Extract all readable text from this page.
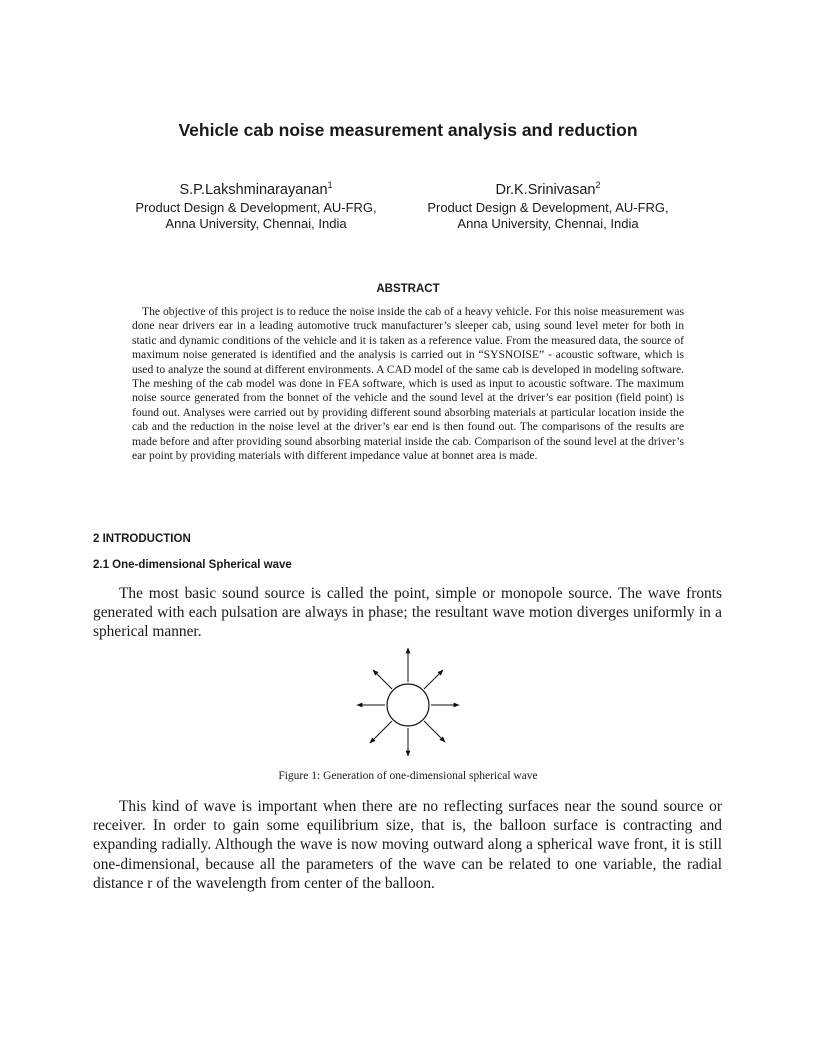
Vehicle cab noise measurement analysis and reduction
S.P.Lakshminarayanan$^1$
Product Design & Development, AU-FRG,
Anna University, Chennai, India
Dr.K.Srinivasan$^2$
Product Design & Development, AU-FRG,
Anna University, Chennai, India
ABSTRACT
The objective of this project is to reduce the noise inside the cab of a heavy vehicle. For this noise measurement was done near drivers ear in a leading automotive truck manufacturer’s sleeper cab, using sound level meter for both in static and dynamic conditions of the vehicle and it is taken as a reference value. From the measured data, the source of maximum noise generated is identified and the analysis is carried out in “SYSNOISE” - acoustic software, which is used to analyze the sound at different environments. A CAD model of the same cab is developed in modeling software. The meshing of the cab model was done in FEA software, which is used as input to acoustic software. The maximum noise source generated from the bonnet of the vehicle and the sound level at the driver’s ear position (field point) is found out. Analyses were carried out by providing different sound absorbing materials at particular location inside the cab and the reduction in the noise level at the driver’s ear end is then found out. The comparisons of the results are made before and after providing sound absorbing material inside the cab. Comparison of the sound level at the driver’s ear point by providing materials with different impedance value at bonnet area is made.
2 INTRODUCTION
2.1 One-dimensional Spherical wave
The most basic sound source is called the point, simple or monopole source. The wave fronts generated with each pulsation are always in phase; the resultant wave motion diverges uniformly in a spherical manner.
Figure 1: Generation of one-dimensional spherical wave
This kind of wave is important when there are no reflecting surfaces near the sound source or receiver. In order to gain some equilibrium size, that is, the balloon surface is contracting and expanding radially. Although the wave is now moving outward along a spherical wave front, it is still one-dimensional, because all the parameters of the wave can be related to one variable, the radial distance r of the wavelength from center of the balloon.
